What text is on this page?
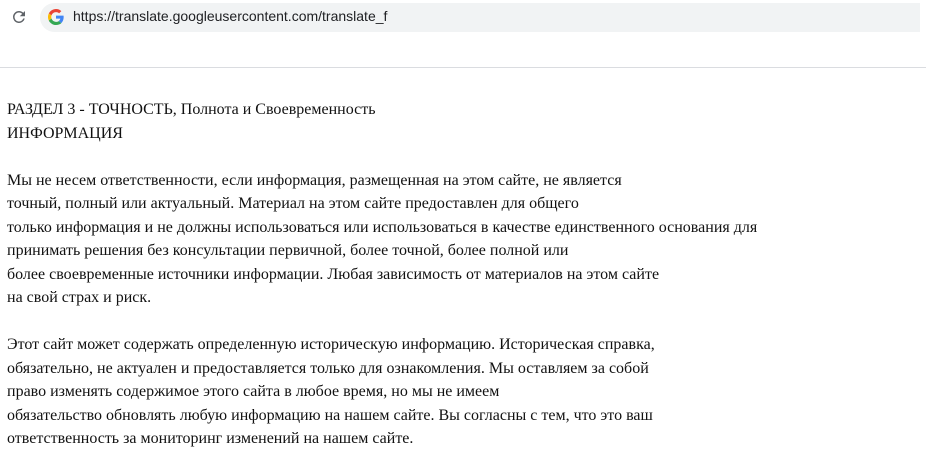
https://translate.googleusercontent.com/translate_f
РАЗДЕЛ 3 - ТОЧНОСТЬ, Полнота и Своевременность
ИНФОРМАЦИЯ
Мы не несем ответственности, если информация, размещенная на этом сайте, не является
точный, полный или актуальный. Материал на этом сайте предоставлен для общего
только информация и не должны использоваться или использоваться в качестве единственного основания для
принимать решения без консультации первичной, более точной, более полной или
более своевременные источники информации. Любая зависимость от материалов на этом сайте
на свой страх и риск.
Этот сайт может содержать определенную историческую информацию. Историческая справка,
обязательно, не актуален и предоставляется только для ознакомления. Мы оставляем за собой
право изменять содержимое этого сайта в любое время, но мы не имеем
обязательство обновлять любую информацию на нашем сайте. Вы согласны с тем, что это ваш
ответственность за мониторинг изменений на нашем сайте.
